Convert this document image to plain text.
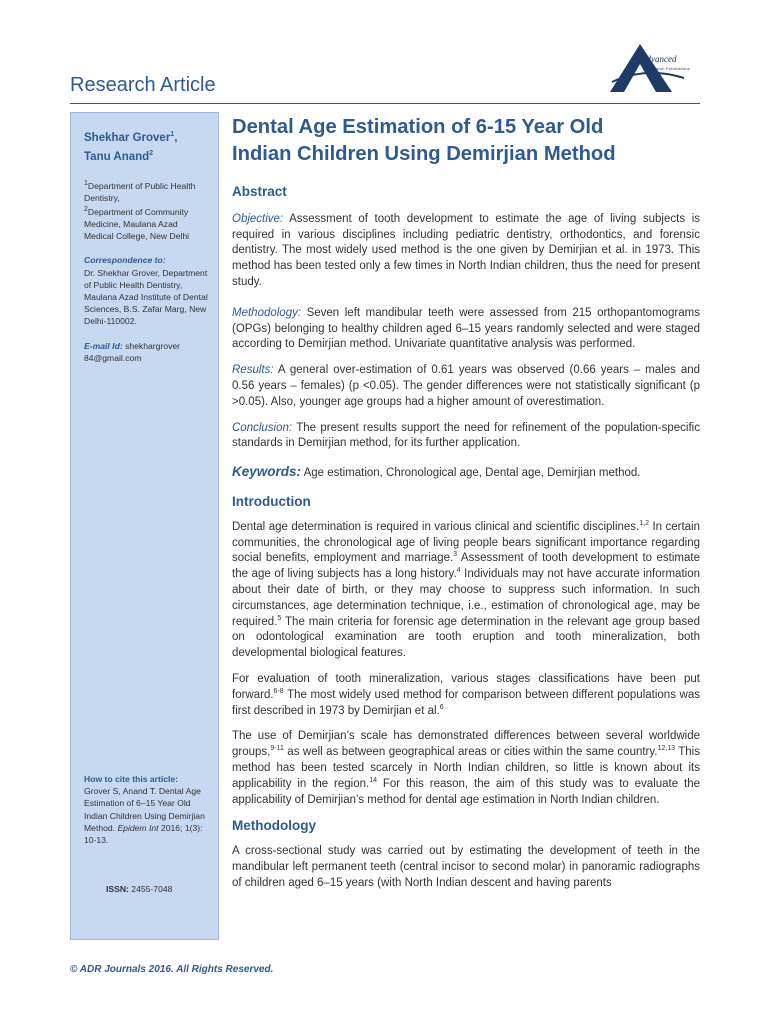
Advanced
Research Publications
Research Article
Shekhar Grover$^1$,
Tanu Anand$^2$

$^1$Department of Public Health Dentistry,

$^2$Department of Community Medicine, Maulana Azad Medical College, New Delhi

Correspondence to:
Dr. Shekhar Grover, Department of Public Health Dentistry, Maulana Azad Institute of Dental Sciences, B.S. Zafar Marg, New Delhi-110002.
E-mail Id: shekhargrover 84@gmail.com
How to cite this article:
Grover S, Anand T. Dental Age Estimation of 6–15 Year Old Indian Children Using Demirjian Method. Epidem Int 2016; 1(3): 10-13.
ISSN: 2455-7048
Dental Age Estimation of 6-15 Year Old
Indian Children Using Demirjian Method
Abstract

Objective: Assessment of tooth development to estimate the age of living subjects is required in various disciplines including pediatric dentistry, orthodontics, and forensic dentistry. The most widely used method is the one given by Demirjian et al. in 1973. This method has been tested only a few times in North Indian children, thus the need for present study.

Methodology: Seven left mandibular teeth were assessed from 215 orthopantomograms (OPGs) belonging to healthy children aged 6–15 years randomly selected and were staged according to Demirjian method. Univariate quantitative analysis was performed.

Results: A general over-estimation of 0.61 years was observed (0.66 years – males and 0.56 years – females) (p <0.05). The gender differences were not statistically significant (p >0.05). Also, younger age groups had a higher amount of overestimation.

Conclusion: The present results support the need for refinement of the population-specific standards in Demirjian method, for its further application.

Keywords: Age estimation, Chronological age, Dental age, Demirjian method.

Introduction

Dental age determination is required in various clinical and scientific disciplines.$^{1,2}$ In certain communities, the chronological age of living people bears significant importance regarding social benefits, employment and marriage.$^3$ Assessment of tooth development to estimate the age of living subjects has a long history.$^4$ Individuals may not have accurate information about their date of birth, or they may choose to suppress such information. In such circumstances, age determination technique, i.e., estimation of chronological age, may be required.$^5$ The main criteria for forensic age determination in the relevant age group based on odontological examination are tooth eruption and tooth mineralization, both developmental biological features.

For evaluation of tooth mineralization, various stages classifications have been put forward.$^{6-8}$ The most widely used method for comparison between different populations was first described in 1973 by Demirjian et al.$^6$

The use of Demirjian’s scale has demonstrated differences between several worldwide groups,$^{9-11}$ as well as between geographical areas or cities within the same country.$^{12,13}$ This method has been tested scarcely in North Indian children, so little is known about its applicability in the region.$^{14}$ For this reason, the aim of this study was to evaluate the applicability of Demirjian’s method for dental age estimation in North Indian children.

Methodology

A cross-sectional study was carried out by estimating the development of teeth in the mandibular left permanent teeth (central incisor to second molar) in panoramic radiographs of children aged 6–15 years (with North Indian descent and having parents

© ADR Journals 2016. All Rights Reserved.
